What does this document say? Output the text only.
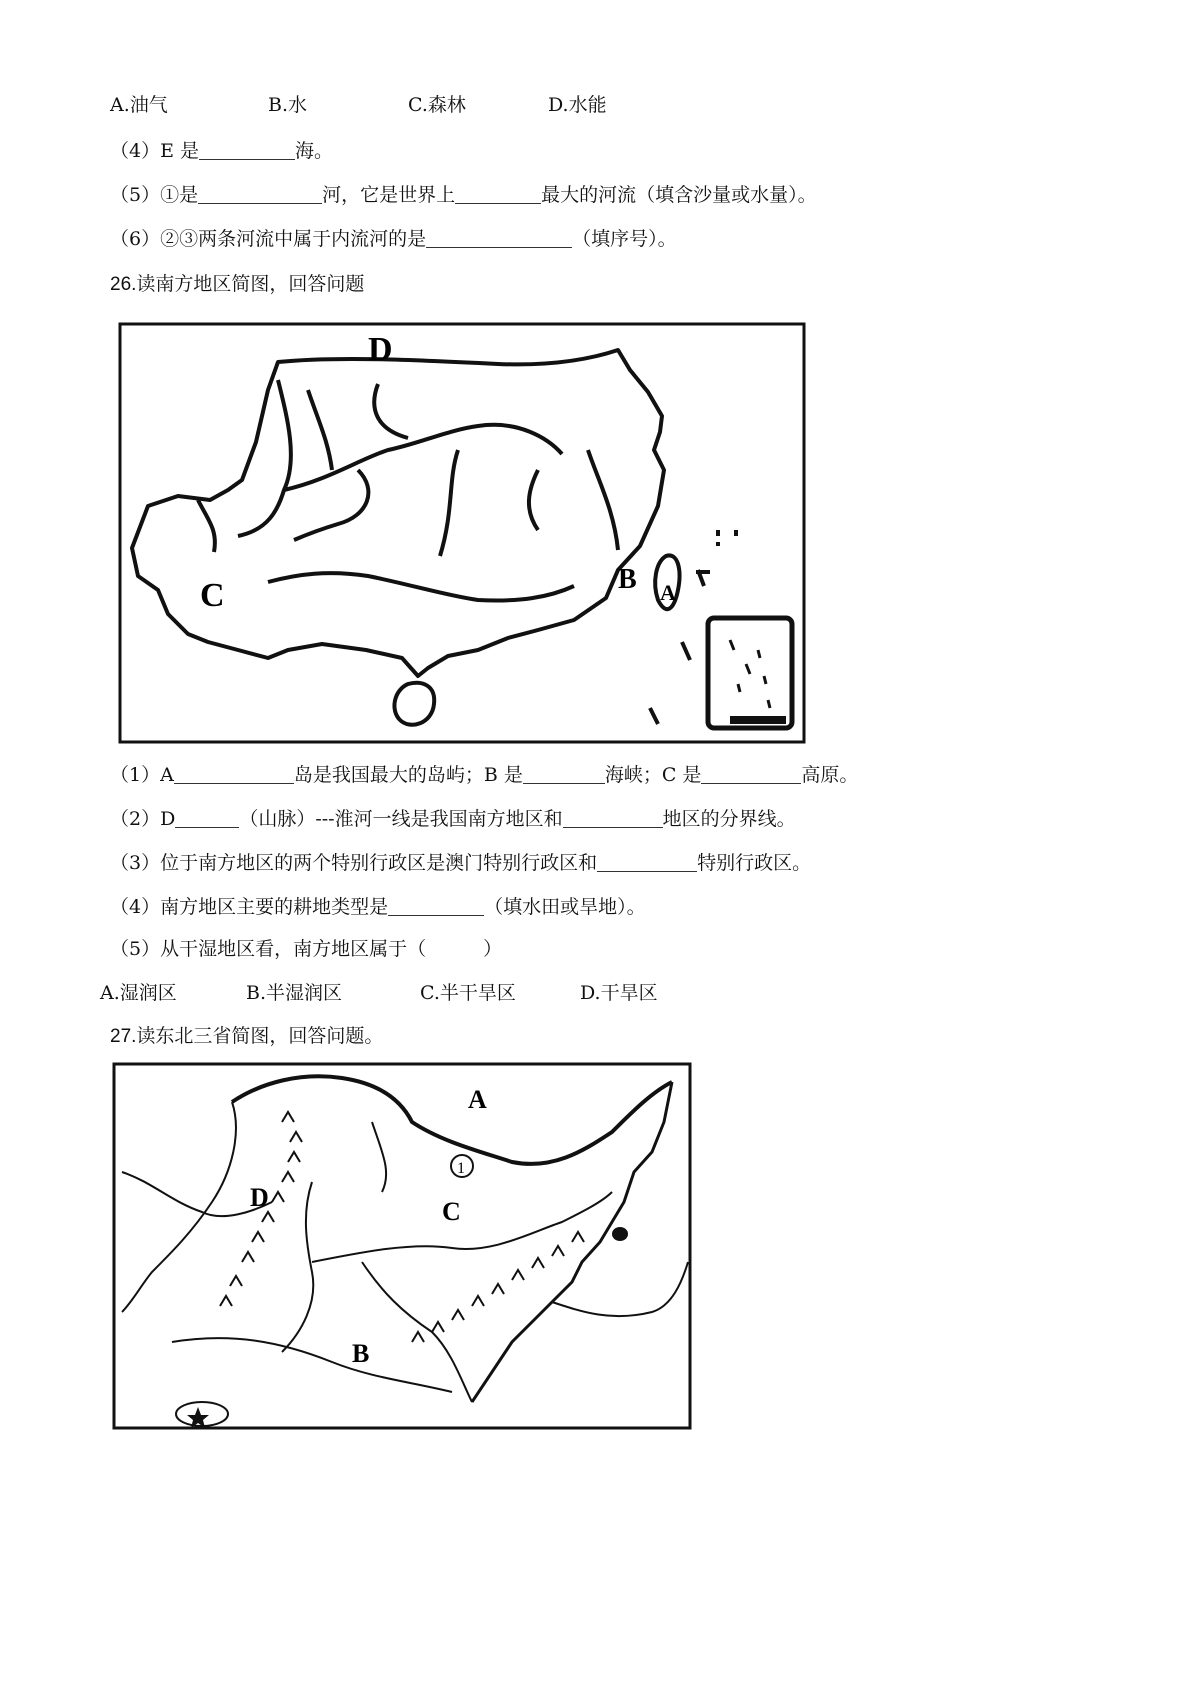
A.油气	B.水	C.森林	D.水能
（4）E 是	海。
（5）①是	河，它是世界上	最大的河流（填含沙量或水量）。
（6）②③两条河流中属于内流河的是	（填序号）。
26.读南方地区简图，回答问题
D
C	B A
（1）A	岛是我国最大的岛屿；B 是	海峡；C 是	高原。
（2）D	（山脉）---淮河一线是我国南方地区和	地区的分界线。
（3）位于南方地区的两个特别行政区是澳门特别行政区和	特别行政区。
（4）南方地区主要的耕地类型是	（填水田或旱地）。
（5）从干湿地区看，南方地区属于（　　　）
A.湿润区	B.半湿润区	C.半干旱区	D.干旱区
27.读东北三省简图，回答问题。
A
1
C
D
B
